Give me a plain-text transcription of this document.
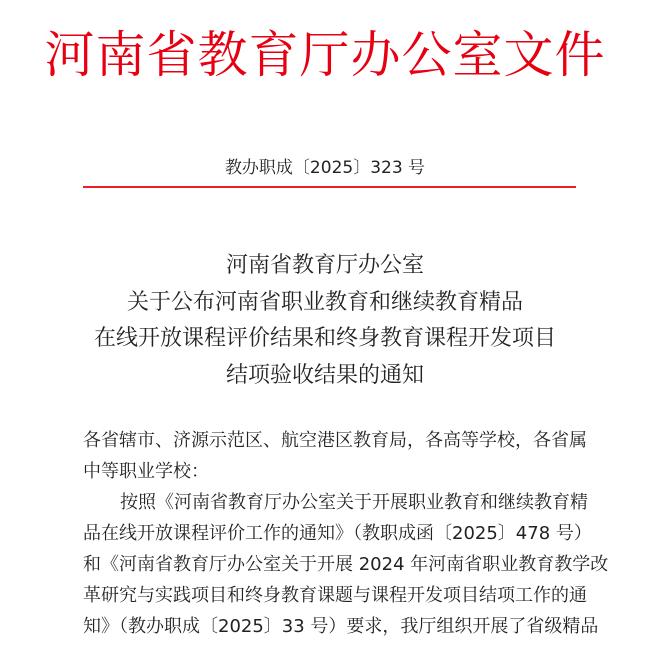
河南省教育厅办公室文件
教办职成〔2025〕323 号
河南省教育厅办公室
关于公布河南省职业教育和继续教育精品
在线开放课程评价结果和终身教育课程开发项目
结项验收结果的通知
各省辖市、济源示范区、航空港区教育局，各高等学校，各省属
中等职业学校：
按照《河南省教育厅办公室关于开展职业教育和继续教育精
品在线开放课程评价工作的通知》（教职成函〔2025〕478 号）
和《河南省教育厅办公室关于开展 2024 年河南省职业教育教学改
革研究与实践项目和终身教育课题与课程开发项目结项工作的通
知》（教办职成〔2025〕33 号）要求，我厅组织开展了省级精品
